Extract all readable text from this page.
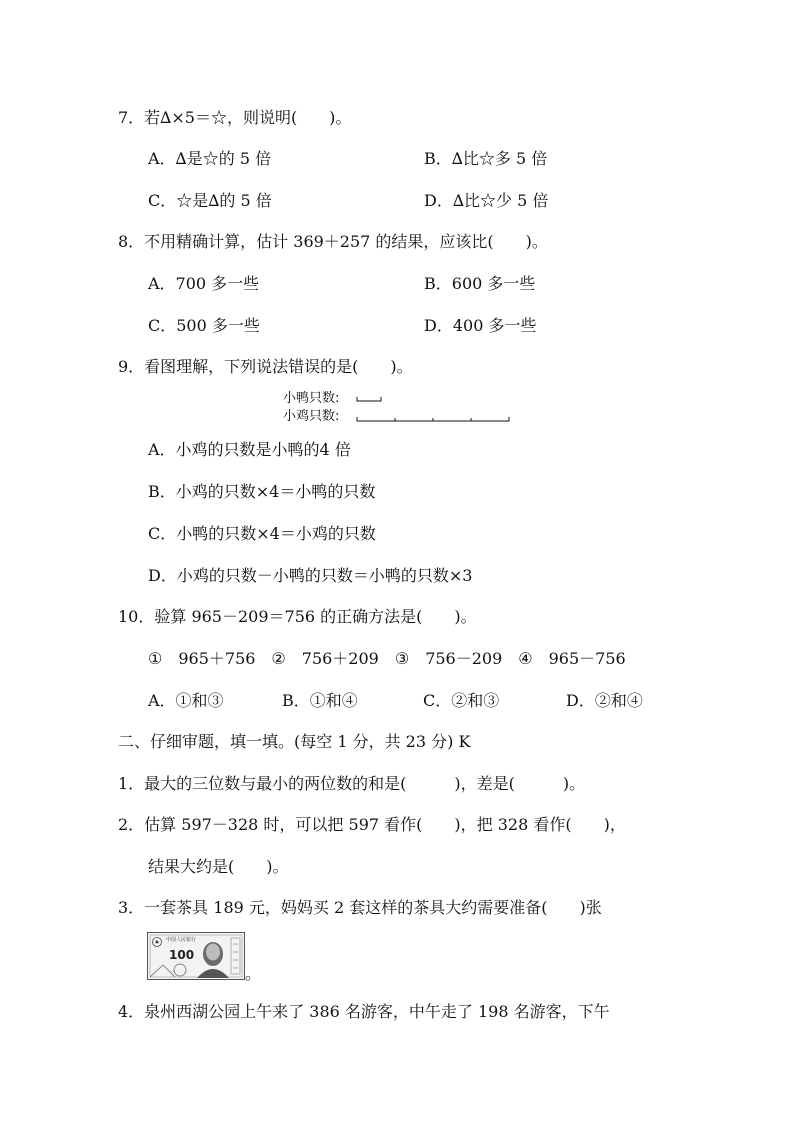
7．若∆×5＝☆，则说明(　　)。
A．∆是☆的 5 倍	B．∆比☆多 5 倍
C．☆是∆的 5 倍	D．∆比☆少 5 倍
8．不用精确计算，估计 369＋257 的结果，应该比(　　)。
A．700 多一些	B．600 多一些
C．500 多一些	D．400 多一些
9．看图理解，下列说法错误的是(　　)。
小鸭只数:
小鸡只数:
A．小鸡的只数是小鸭的4 倍
B．小鸡的只数×4＝小鸭的只数
C．小鸭的只数×4＝小鸡的只数
D．小鸡的只数－小鸭的只数＝小鸭的只数×3
10．验算 965－209＝756 的正确方法是(　　)。
①　965＋756　②　756＋209　③　756－209　④　965－756
A．①和③	B．①和④	C．②和③	D．②和④
二、仔细审题，填一填。(每空 1 分，共 23 分) K
1．最大的三位数与最小的两位数的和是(　　　)，差是(　　　)。
2．估算 597－328 时，可以把 597 看作(　　)，把 328 看作(　　)，
结果大约是(　　)。
3．一套茶具 189 元，妈妈买 2 套这样的茶具大约需要准备(　　)张
中国人民银行
100
。
4．泉州西湖公园上午来了 386 名游客，中午走了 198 名游客，下午
